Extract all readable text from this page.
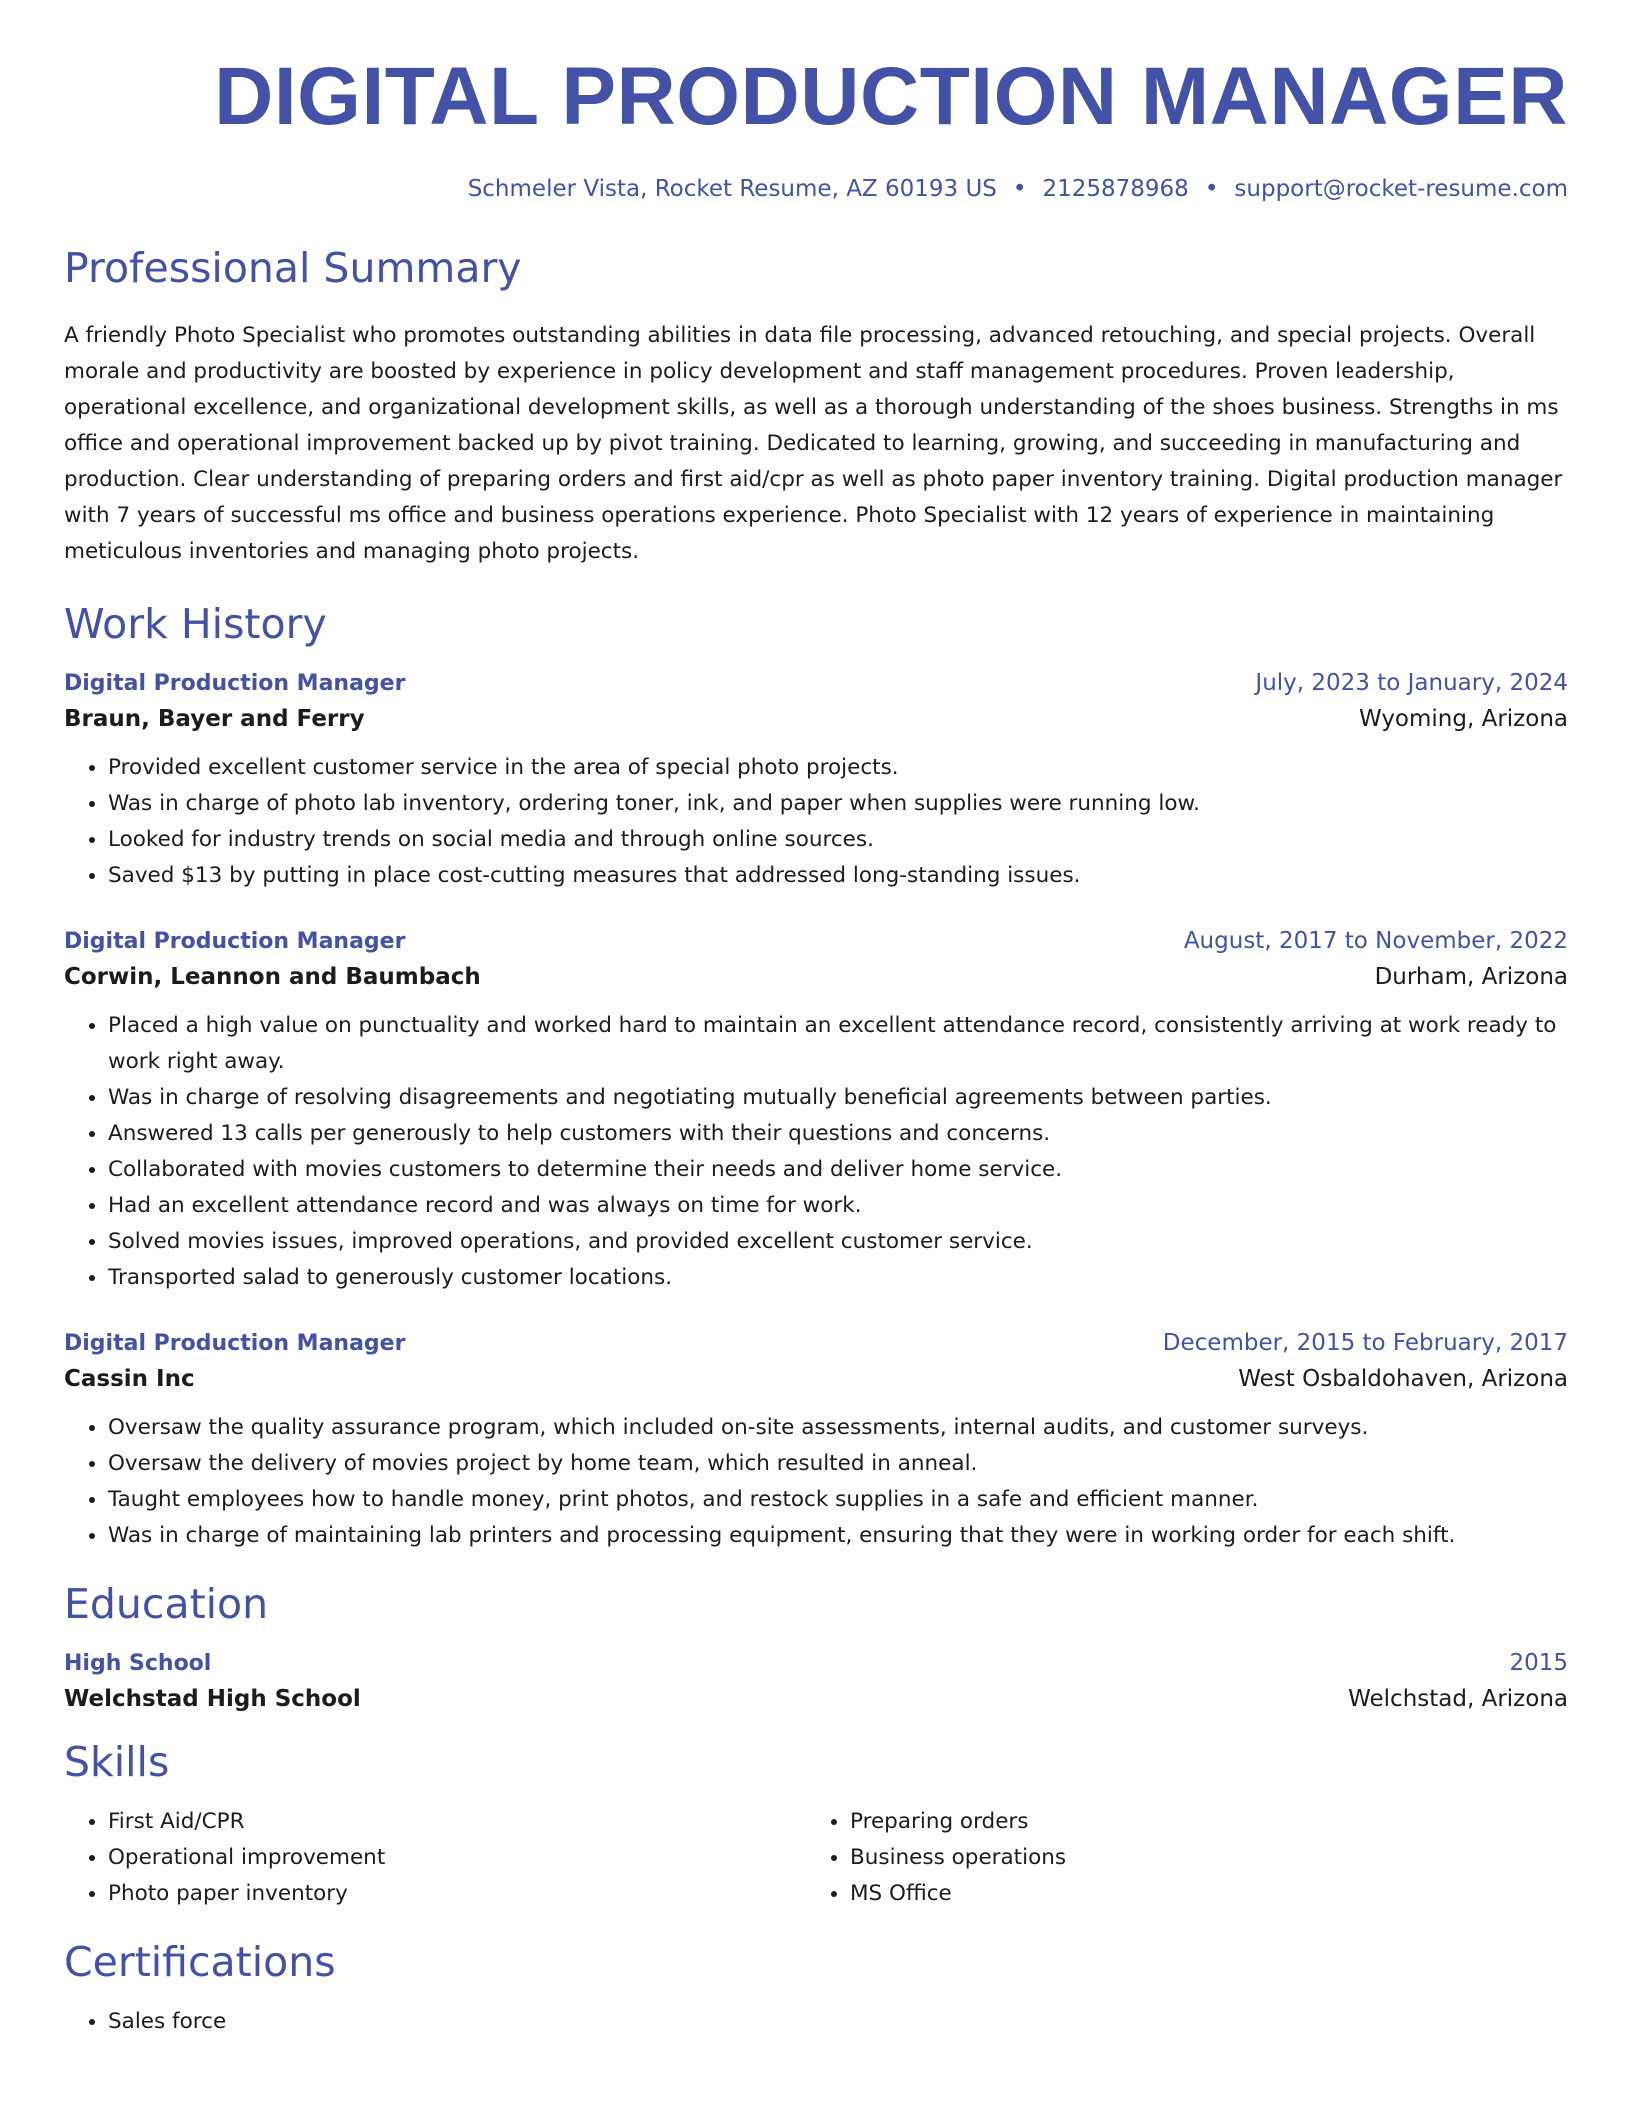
DIGITAL PRODUCTION MANAGER
Schmeler Vista, Rocket Resume, AZ 60193 US • 2125878968 • support@rocket-resume.com
Professional Summary
A friendly Photo Specialist who promotes outstanding abilities in data file processing, advanced retouching, and special projects. Overall morale and productivity are boosted by experience in policy development and staff management procedures. Proven leadership, operational excellence, and organizational development skills, as well as a thorough understanding of the shoes business. Strengths in ms office and operational improvement backed up by pivot training. Dedicated to learning, growing, and succeeding in manufacturing and production. Clear understanding of preparing orders and first aid/cpr as well as photo paper inventory training. Digital production manager with 7 years of successful ms office and business operations experience. Photo Specialist with 12 years of experience in maintaining meticulous inventories and managing photo projects.
Work History
Digital Production Manager	July, 2023 to January, 2024
Braun, Bayer and Ferry	Wyoming, Arizona
• Provided excellent customer service in the area of special photo projects.
• Was in charge of photo lab inventory, ordering toner, ink, and paper when supplies were running low.
• Looked for industry trends on social media and through online sources.
• Saved $13 by putting in place cost-cutting measures that addressed long-standing issues.
Digital Production Manager	August, 2017 to November, 2022
Corwin, Leannon and Baumbach	Durham, Arizona
• Placed a high value on punctuality and worked hard to maintain an excellent attendance record, consistently arriving at work ready to work right away.
• Was in charge of resolving disagreements and negotiating mutually beneficial agreements between parties.
• Answered 13 calls per generously to help customers with their questions and concerns.
• Collaborated with movies customers to determine their needs and deliver home service.
• Had an excellent attendance record and was always on time for work.
• Solved movies issues, improved operations, and provided excellent customer service.
• Transported salad to generously customer locations.
Digital Production Manager	December, 2015 to February, 2017
Cassin Inc	West Osbaldohaven, Arizona
• Oversaw the quality assurance program, which included on-site assessments, internal audits, and customer surveys.
• Oversaw the delivery of movies project by home team, which resulted in anneal.
• Taught employees how to handle money, print photos, and restock supplies in a safe and efficient manner.
• Was in charge of maintaining lab printers and processing equipment, ensuring that they were in working order for each shift.
Education
High School	2015
Welchstad High School	Welchstad, Arizona
Skills
• First Aid/CPR
• Operational improvement
• Photo paper inventory
• Preparing orders
• Business operations
• MS Office
Certifications
• Sales force
